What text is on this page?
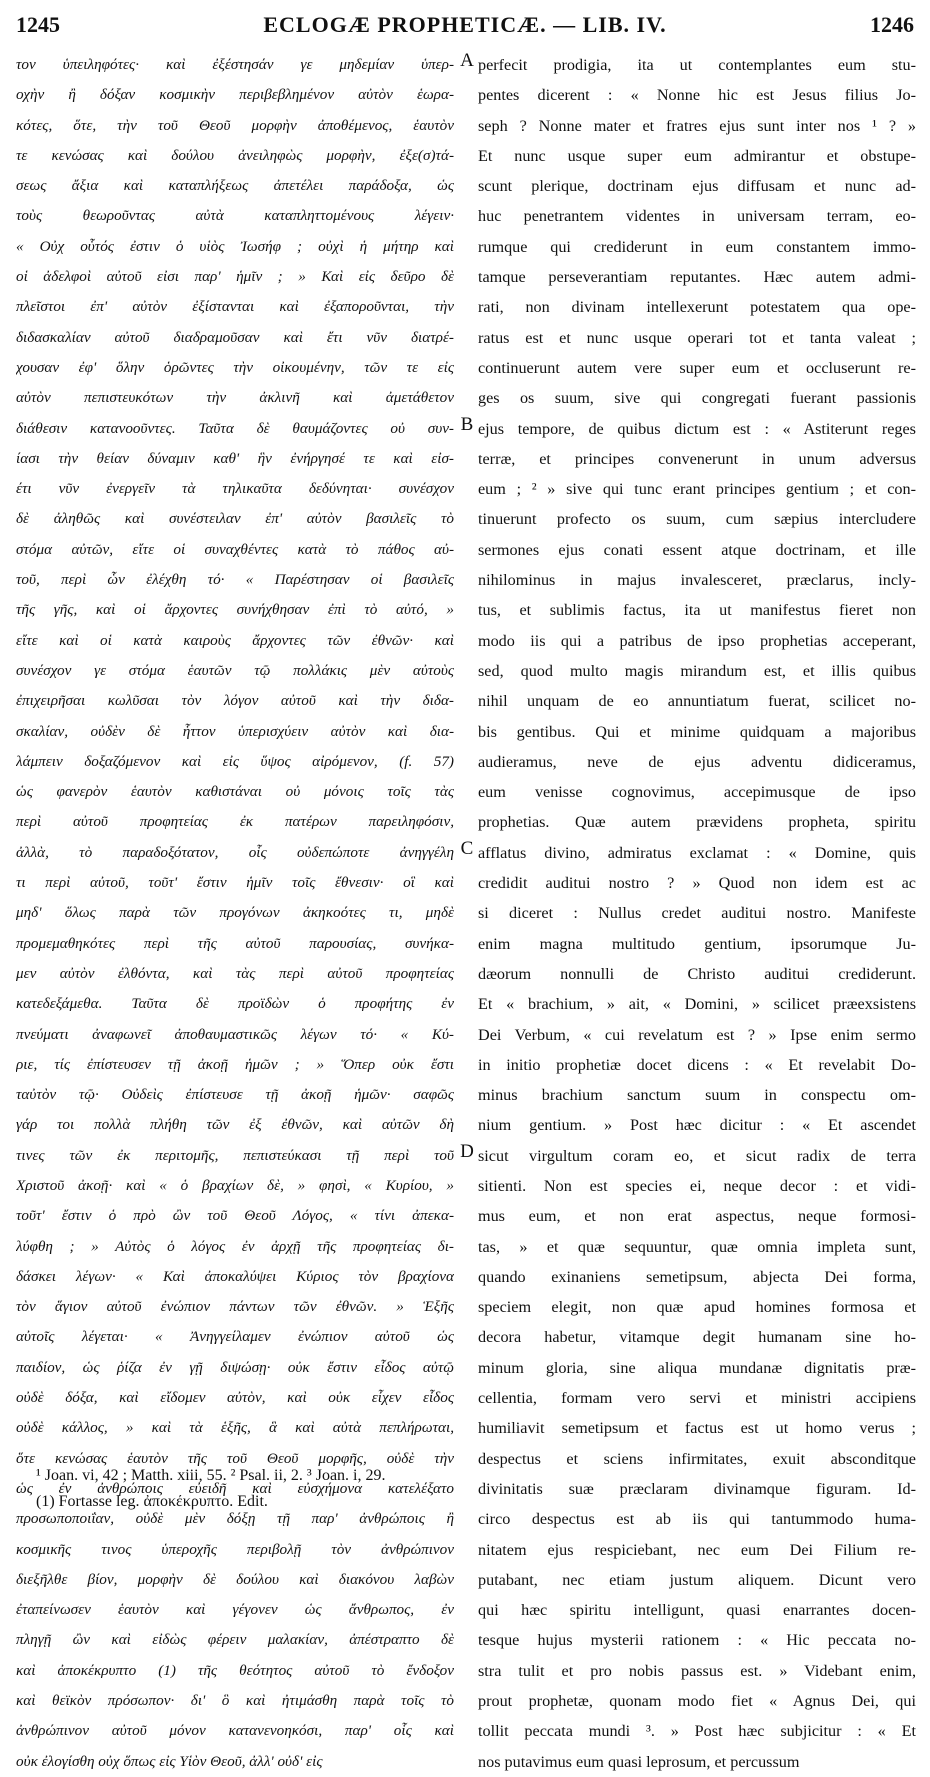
1245	ECLOGÆ PROPHETICÆ. — LIB. IV.	1246
τον ὑπειληφότες· καὶ ἐξέστησάν γε μηδεμίαν ὑπερ-
οχὴν ἢ δόξαν κοσμικὴν περιβεβλημένον αὐτὸν ἑωρα-
κότες, ὅτε, τὴν τοῦ Θεοῦ μορφὴν ἀποθέμενος, ἑαυτὸν
τε κενώσας καὶ δούλου ἀνειληφὼς μορφὴν, ἐξε(σ)τά-
σεως ἄξια καὶ καταπλήξεως ἀπετέλει παράδοξα, ὡς
τοὺς θεωροῦντας αὐτὰ καταπληττομένους λέγειν·
« Οὐχ οὗτός ἐστιν ὁ υἱὸς Ἰωσήφ ; οὐχὶ ἡ μήτηρ καὶ
οἱ ἀδελφοὶ αὐτοῦ εἰσι παρ' ἡμῖν ; » Καὶ εἰς δεῦρο δὲ
πλεῖστοι ἐπ' αὐτὸν ἐξίστανται καὶ ἐξαποροῦνται, τὴν
διδασκαλίαν αὐτοῦ διαδραμοῦσαν καὶ ἔτι νῦν διατρέ-
χουσαν ἐφ' ὅλην ὁρῶντες τὴν οἰκουμένην, τῶν τε εἰς
αὐτὸν πεπιστευκότων τὴν ἀκλινῆ καὶ ἀμετάθετον
διάθεσιν κατανοοῦντες. Ταῦτα δὲ θαυμάζοντες οὐ συν-
ίασι τὴν θείαν δύναμιν καθ' ἣν ἐνήργησέ τε καὶ εἰσ-
έτι νῦν ἐνεργεῖν τὰ τηλικαῦτα δεδύνηται· συνέσχον
δὲ ἀληθῶς καὶ συνέστειλαν ἐπ' αὐτὸν βασιλεῖς τὸ
στόμα αὐτῶν, εἴτε οἱ συναχθέντες κατὰ τὸ πάθος αὐ-
τοῦ, περὶ ὧν ἐλέχθη τό· « Παρέστησαν οἱ βασιλεῖς
τῆς γῆς, καὶ οἱ ἄρχοντες συνήχθησαν ἐπὶ τὸ αὐτό, »
εἴτε καὶ οἱ κατὰ καιροὺς ἄρχοντες τῶν ἐθνῶν· καὶ
συνέσχον γε στόμα ἑαυτῶν τῷ πολλάκις μὲν αὐτοὺς
ἐπιχειρῆσαι κωλῦσαι τὸν λόγον αὐτοῦ καὶ τὴν διδα-
σκαλίαν, οὐδὲν δὲ ἧττον ὑπερισχύειν αὐτὸν καὶ δια-
λάμπειν δοξαζόμενον καὶ εἰς ὕψος αἰρόμενον, (f. 57)
ὡς φανερὸν ἑαυτὸν καθιστάναι οὐ μόνοις τοῖς τὰς
περὶ αὐτοῦ προφητείας ἐκ πατέρων παρειληφόσιν,
ἀλλὰ, τὸ παραδοξότατον, οἷς οὐδεπώποτε ἀνηγγέλη
τι περὶ αὐτοῦ, τοῦτ' ἔστιν ἡμῖν τοῖς ἔθνεσιν· οἳ καὶ
μηδ' ὅλως παρὰ τῶν προγόνων ἀκηκοότες τι, μηδὲ
προμεμαθηκότες περὶ τῆς αὐτοῦ παρουσίας, συνήκα-
μεν αὐτὸν ἐλθόντα, καὶ τὰς περὶ αὐτοῦ προφητείας
κατεδεξάμεθα. Ταῦτα δὲ προϊδὼν ὁ προφήτης ἐν
πνεύματι ἀναφωνεῖ ἀποθαυμαστικῶς λέγων τό· « Κύ-
ριε, τίς ἐπίστευσεν τῇ ἀκοῇ ἡμῶν ; » Ὅπερ οὐκ ἔστι
ταὐτὸν τῷ· Οὐδεὶς ἐπίστευσε τῇ ἀκοῇ ἡμῶν· σαφῶς
γάρ τοι πολλὰ πλήθη τῶν ἐξ ἐθνῶν, καὶ αὐτῶν δὴ
τινες τῶν ἐκ περιτομῆς, πεπιστεύκασι τῇ περὶ τοῦ
Χριστοῦ ἀκοῇ· καὶ « ὁ βραχίων δὲ, » φησὶ, « Κυρίου, »
τοῦτ' ἔστιν ὁ πρὸ ὢν τοῦ Θεοῦ Λόγος, « τίνι ἀπεκα-
λύφθη ; » Αὐτὸς ὁ λόγος ἐν ἀρχῇ τῆς προφητείας δι-
δάσκει λέγων· « Καὶ ἀποκαλύψει Κύριος τὸν βραχίονα
τὸν ἅγιον αὐτοῦ ἐνώπιον πάντων τῶν ἐθνῶν. » Ἑξῆς
αὐτοῖς λέγεται· « Ἀνηγγείλαμεν ἐνώπιον αὐτοῦ ὡς
παιδίον, ὡς ῥίζα ἐν γῇ διψώσῃ· οὐκ ἔστιν εἶδος αὐτῷ
οὐδὲ δόξα, καὶ εἴδομεν αὐτὸν, καὶ οὐκ εἶχεν εἶδος
οὐδὲ κάλλος, » καὶ τὰ ἑξῆς, ἃ καὶ αὐτὰ πεπλήρωται,
ὅτε κενώσας ἑαυτὸν τῆς τοῦ Θεοῦ μορφῆς, οὐδὲ τὴν
ὡς ἐν ἀνθρώποις εὐειδῆ καὶ εὐσχήμονα κατελέξατο
προσωποποιΐαν, οὐδὲ μὲν δόξῃ τῇ παρ' ἀνθρώποις ἢ
κοσμικῆς τινος ὑπεροχῆς περιβολῇ τὸν ἀνθρώπινον
διεξῆλθε βίον, μορφὴν δὲ δούλου καὶ διακόνου λαβὼν
ἐταπείνωσεν ἑαυτὸν καὶ γέγονεν ὡς ἄνθρωπος, ἐν
πληγῇ ὢν καὶ εἰδὼς φέρειν μαλακίαν, ἀπέστραπτο δὲ
καὶ ἀποκέκρυπτο (1) τῆς θεότητος αὐτοῦ τὸ ἔνδοξον
καὶ θεϊκὸν πρόσωπον· δι' ὃ καὶ ἠτιμάσθη παρὰ τοῖς τὸ
ἀνθρώπινον αὐτοῦ μόνον κατανενοηκόσι, παρ' οἷς καὶ
οὐκ ἐλογίσθη οὐχ ὅπως εἰς Υἱὸν Θεοῦ, ἀλλ' οὐδ' εἰς
perfecit prodigia, ita ut contemplantes eum stu-
pentes dicerent : « Nonne hic est Jesus filius Jo-
seph ? Nonne mater et fratres ejus sunt inter nos ¹ ? »
Et nunc usque super eum admirantur et obstupe-
scunt plerique, doctrinam ejus diffusam et nunc ad-
huc penetrantem videntes in universam terram, eo-
rumque qui crediderunt in eum constantem immo-
tamque perseverantiam reputantes. Hæc autem admi-
rati, non divinam intellexerunt potestatem qua ope-
ratus est et nunc usque operari tot et tanta valeat ;
continuerunt autem vere super eum et occluserunt re-
ges os suum, sive qui congregati fuerant passionis
ejus tempore, de quibus dictum est : « Astiterunt reges
terræ, et principes convenerunt in unum adversus
eum ; ² » sive qui tunc erant principes gentium ; et con-
tinuerunt profecto os suum, cum sæpius intercludere
sermones ejus conati essent atque doctrinam, et ille
nihilominus in majus invalesceret, præclarus, incly-
tus, et sublimis factus, ita ut manifestus fieret non
modo iis qui a patribus de ipso prophetias acceperant,
sed, quod multo magis mirandum est, et illis quibus
nihil unquam de eo annuntiatum fuerat, scilicet no-
bis gentibus. Qui et minime quidquam a majoribus
audieramus, neve de ejus adventu didiceramus,
eum venisse cognovimus, accepimusque de ipso
prophetias. Quæ autem prævidens propheta, spiritu
afflatus divino, admiratus exclamat : « Domine, quis
credidit auditui nostro ? » Quod non idem est ac
si diceret : Nullus credet auditui nostro. Manifeste
enim magna multitudo gentium, ipsorumque Ju-
dæorum nonnulli de Christo auditui crediderunt.
Et « brachium, » ait, « Domini, » scilicet præexsistens
Dei Verbum, « cui revelatum est ? » Ipse enim sermo
in initio prophetiæ docet dicens : « Et revelabit Do-
minus brachium sanctum suum in conspectu om-
nium gentium. » Post hæc dicitur : « Et ascendet
sicut virgultum coram eo, et sicut radix de terra
sitienti. Non est species ei, neque decor : et vidi-
mus eum, et non erat aspectus, neque formosi-
tas, » et quæ sequuntur, quæ omnia impleta sunt,
quando exinaniens semetipsum, abjecta Dei forma,
speciem elegit, non quæ apud homines formosa et
decora habetur, vitamque degit humanam sine ho-
minum gloria, sine aliqua mundanæ dignitatis præ-
cellentia, formam vero servi et ministri accipiens
humiliavit semetipsum et factus est ut homo verus ;
despectus et sciens infirmitates, exuit absconditque
divinitatis suæ præclaram divinamque figuram. Id-
circo despectus est ab iis qui tantummodo huma-
nitatem ejus respiciebant, nec eum Dei Filium re-
putabant, nec etiam justum aliquem. Dicunt vero
qui hæc spiritu intelligunt, quasi enarrantes docen-
tesque hujus mysterii rationem : « Hic peccata no-
stra tulit et pro nobis passus est. » Videbant enim,
prout prophetæ, quonam modo fiet « Agnus Dei, qui
tollit peccata mundi ³. » Post hæc subjicitur : « Et
nos putavimus eum quasi leprosum, et percussum
A
B
C
D
¹ Joan. vi, 42 ; Matth. xiii, 55. ² Psal. ii, 2. ³ Joan. i, 29.
(1) Fortasse leg. ἀποκέκρυπτο. Edit.
